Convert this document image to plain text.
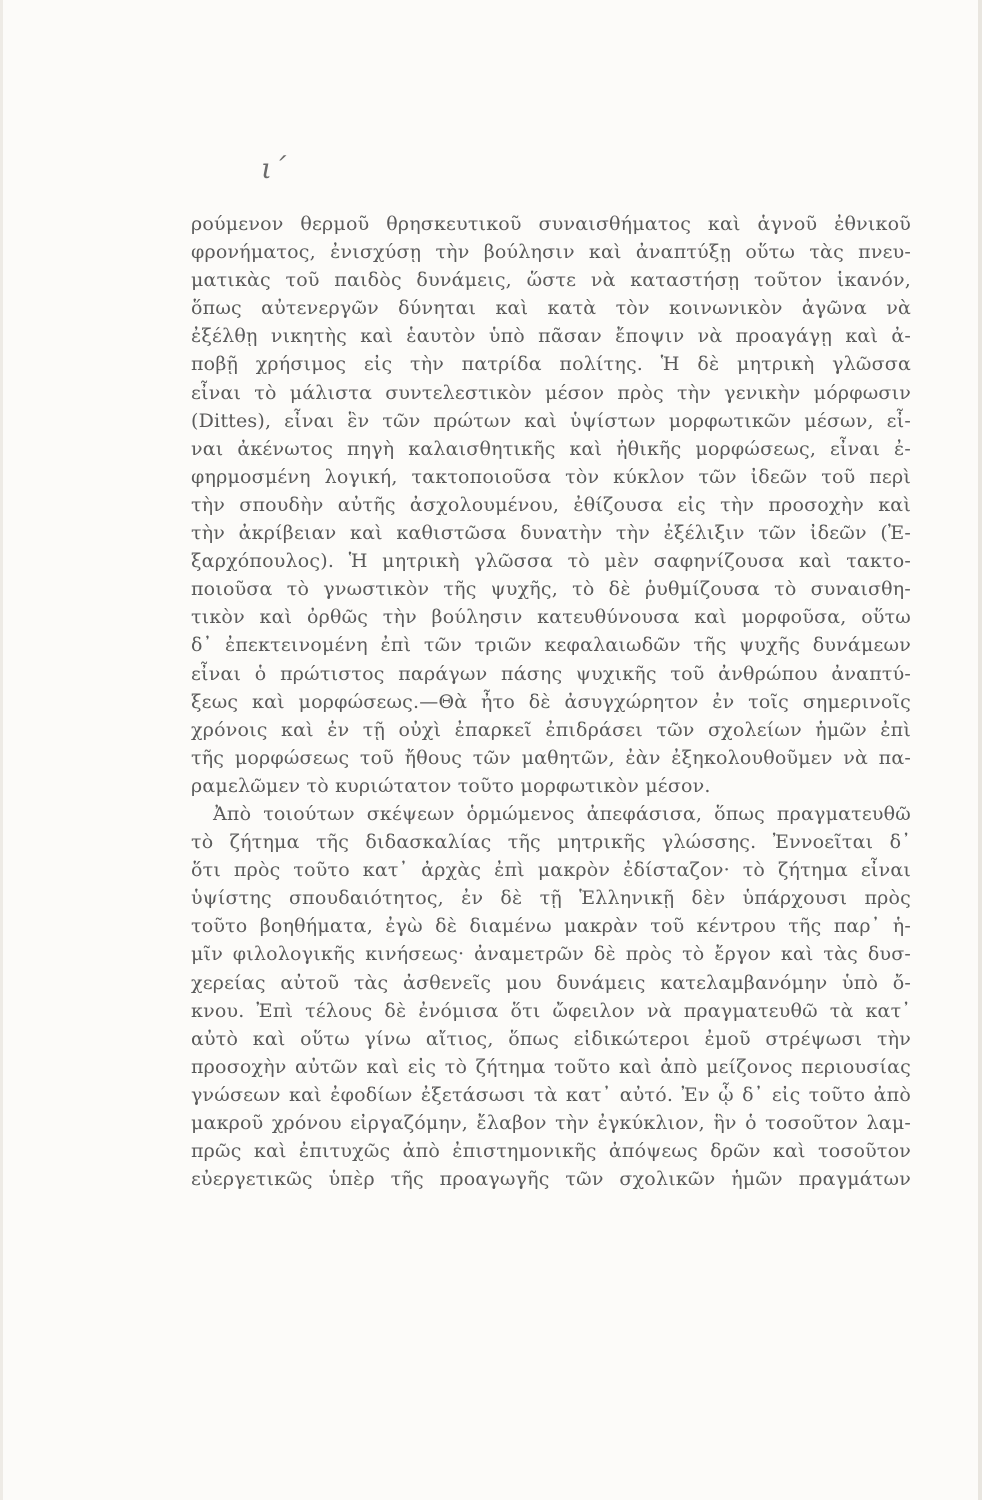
ι΄
ρούμενον θερμοῦ θρησκευτικοῦ συναισθήματος καὶ ἁγνοῦ ἐθνικοῦ
φρονήματος, ἐνισχύσῃ τὴν βούλησιν καὶ ἀναπτύξῃ οὕτω τὰς πνευ-
ματικὰς τοῦ παιδὸς δυνάμεις, ὥστε νὰ καταστήσῃ τοῦτον ἱκανόν,
ὅπως αὐτενεργῶν δύνηται καὶ κατὰ τὸν κοινωνικὸν ἀγῶνα νὰ
ἐξέλθῃ νικητὴς καὶ ἑαυτὸν ὑπὸ πᾶσαν ἔποψιν νὰ προαγάγῃ καὶ ἀ-
ποβῇ χρήσιμος εἰς τὴν πατρίδα πολίτης. Ἡ δὲ μητρικὴ γλῶσσα
εἶναι τὸ μάλιστα συντελεστικὸν μέσον πρὸς τὴν γενικὴν μόρφωσιν
(Dittes), εἶναι ἓν τῶν πρώτων καὶ ὑψίστων μορφωτικῶν μέσων, εἶ-
ναι ἀκένωτος πηγὴ καλαισθητικῆς καὶ ἠθικῆς μορφώσεως, εἶναι ἐ-
φηρμοσμένη λογική, τακτοποιοῦσα τὸν κύκλον τῶν ἰδεῶν τοῦ περὶ
τὴν σπουδὴν αὐτῆς ἀσχολουμένου, ἐθίζουσα εἰς τὴν προσοχὴν καὶ
τὴν ἀκρίβειαν καὶ καθιστῶσα δυνατὴν τὴν ἐξέλιξιν τῶν ἰδεῶν (Ἐ-
ξαρχόπουλος). Ἡ μητρικὴ γλῶσσα τὸ μὲν σαφηνίζουσα καὶ τακτο-
ποιοῦσα τὸ γνωστικὸν τῆς ψυχῆς, τὸ δὲ ῥυθμίζουσα τὸ συναισθη-
τικὸν καὶ ὀρθῶς τὴν βούλησιν κατευθύνουσα καὶ μορφοῦσα, οὕτω
δ᾽ ἐπεκτεινομένη ἐπὶ τῶν τριῶν κεφαλαιωδῶν τῆς ψυχῆς δυνάμεων
εἶναι ὁ πρώτιστος παράγων πάσης ψυχικῆς τοῦ ἀνθρώπου ἀναπτύ-
ξεως καὶ μορφώσεως.—Θὰ ἦτο δὲ ἀσυγχώρητον ἐν τοῖς σημερινοῖς
χρόνοις καὶ ἐν τῇ οὐχὶ ἐπαρκεῖ ἐπιδράσει τῶν σχολείων ἡμῶν ἐπὶ
τῆς μορφώσεως τοῦ ἤθους τῶν μαθητῶν, ἐὰν ἐξηκολουθοῦμεν νὰ πα-
ραμελῶμεν τὸ κυριώτατον τοῦτο μορφωτικὸν μέσον.
Ἀπὸ τοιούτων σκέψεων ὁρμώμενος ἀπεφάσισα, ὅπως πραγματευθῶ
τὸ ζήτημα τῆς διδασκαλίας τῆς μητρικῆς γλώσσης. Ἐννοεῖται δ᾽
ὅτι πρὸς τοῦτο κατ᾽ ἀρχὰς ἐπὶ μακρὸν ἐδίσταζον· τὸ ζήτημα εἶναι
ὑψίστης σπουδαιότητος, ἐν δὲ τῇ Ἑλληνικῇ δὲν ὑπάρχουσι πρὸς
τοῦτο βοηθήματα, ἐγὼ δὲ διαμένω μακρὰν τοῦ κέντρου τῆς παρ᾽ ἡ-
μῖν φιλολογικῆς κινήσεως· ἀναμετρῶν δὲ πρὸς τὸ ἔργον καὶ τὰς δυσ-
χερείας αὐτοῦ τὰς ἀσθενεῖς μου δυνάμεις κατελαμβανόμην ὑπὸ ὄ-
κνου. Ἐπὶ τέλους δὲ ἐνόμισα ὅτι ὤφειλον νὰ πραγματευθῶ τὰ κατ᾽
αὐτὸ καὶ οὕτω γίνω αἴτιος, ὅπως εἰδικώτεροι ἐμοῦ στρέψωσι τὴν
προσοχὴν αὐτῶν καὶ εἰς τὸ ζήτημα τοῦτο καὶ ἀπὸ μείζονος περιουσίας
γνώσεων καὶ ἐφοδίων ἐξετάσωσι τὰ κατ᾽ αὐτό. Ἐν ᾧ δ᾽ εἰς τοῦτο ἀπὸ
μακροῦ χρόνου εἰργαζόμην, ἔλαβον τὴν ἐγκύκλιον, ἣν ὁ τοσοῦτον λαμ-
πρῶς καὶ ἐπιτυχῶς ἀπὸ ἐπιστημονικῆς ἀπόψεως δρῶν καὶ τοσοῦτον
εὐεργετικῶς ὑπὲρ τῆς προαγωγῆς τῶν σχολικῶν ἡμῶν πραγμάτων
